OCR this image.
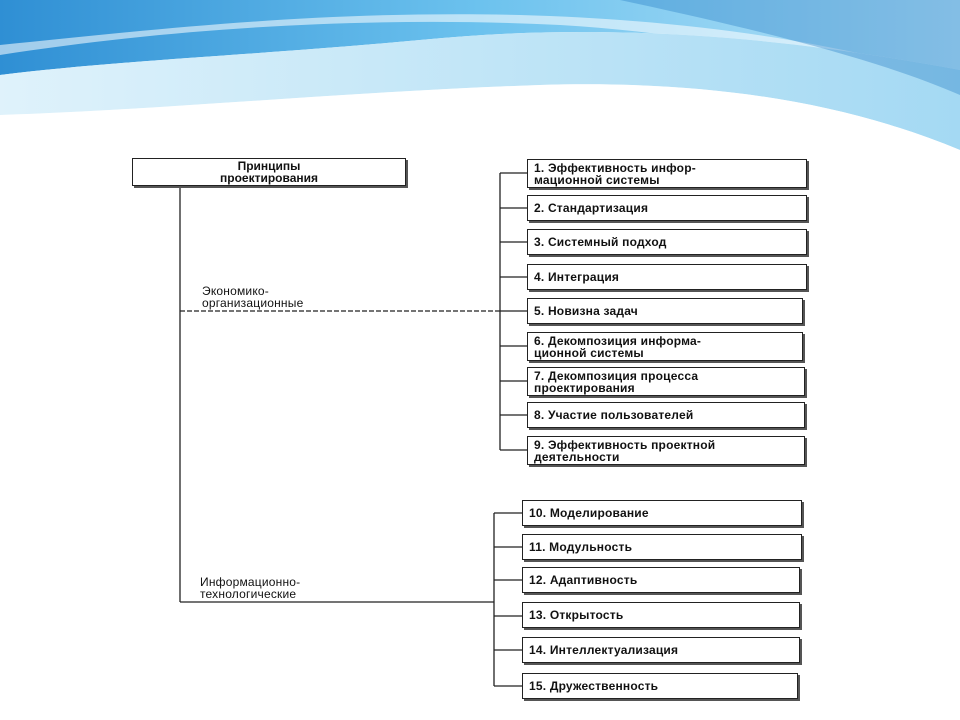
Принципы
проектирования
Экономико-
организационные
Информационно-
технологические
1. Эффективность инфор-
мационной системы
2. Стандартизация
3. Системный подход
4. Интеграция
5. Новизна задач
6. Декомпозиция информа-
ционной системы
7. Декомпозиция процесса
проектирования
8. Участие пользователей
9. Эффективность проектной
деятельности
10. Моделирование
11. Модульность
12. Адаптивность
13. Открытость
14. Интеллектуализация
15. Дружественность
